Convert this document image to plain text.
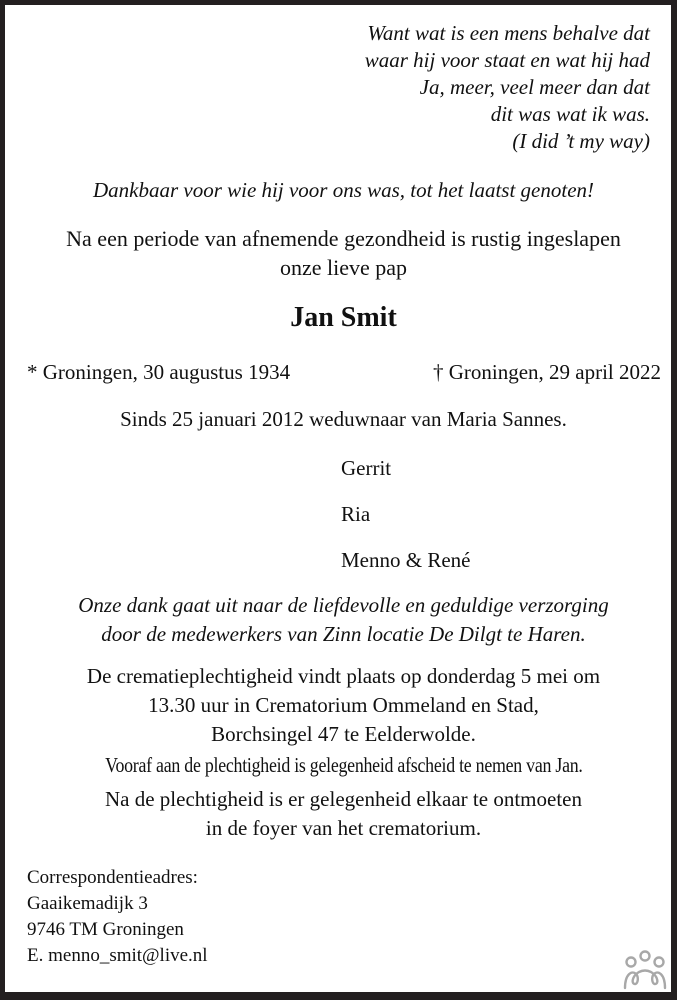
Want wat is een mens behalve dat
waar hij voor staat en wat hij had
Ja, meer, veel meer dan dat
dit was wat ik was.
(I did ’t my way)
Dankbaar voor wie hij voor ons was, tot het laatst genoten!
Na een periode van afnemende gezondheid is rustig ingeslapen
onze lieve pap
Jan Smit
* Groningen, 30 augustus 1934	† Groningen, 29 april 2022
Sinds 25 januari 2012 weduwnaar van Maria Sannes.
Gerrit
Ria
Menno & René
Onze dank gaat uit naar de liefdevolle en geduldige verzorging
door de medewerkers van Zinn locatie De Dilgt te Haren.
De crematieplechtigheid vindt plaats op donderdag 5 mei om
13.30 uur in Crematorium Ommeland en Stad,
Borchsingel 47 te Eelderwolde.
Vooraf aan de plechtigheid is gelegenheid afscheid te nemen van Jan.
Na de plechtigheid is er gelegenheid elkaar te ontmoeten
in de foyer van het crematorium.
Correspondentieadres:
Gaaikemadijk 3
9746 TM Groningen
E. menno_smit@live.nl
